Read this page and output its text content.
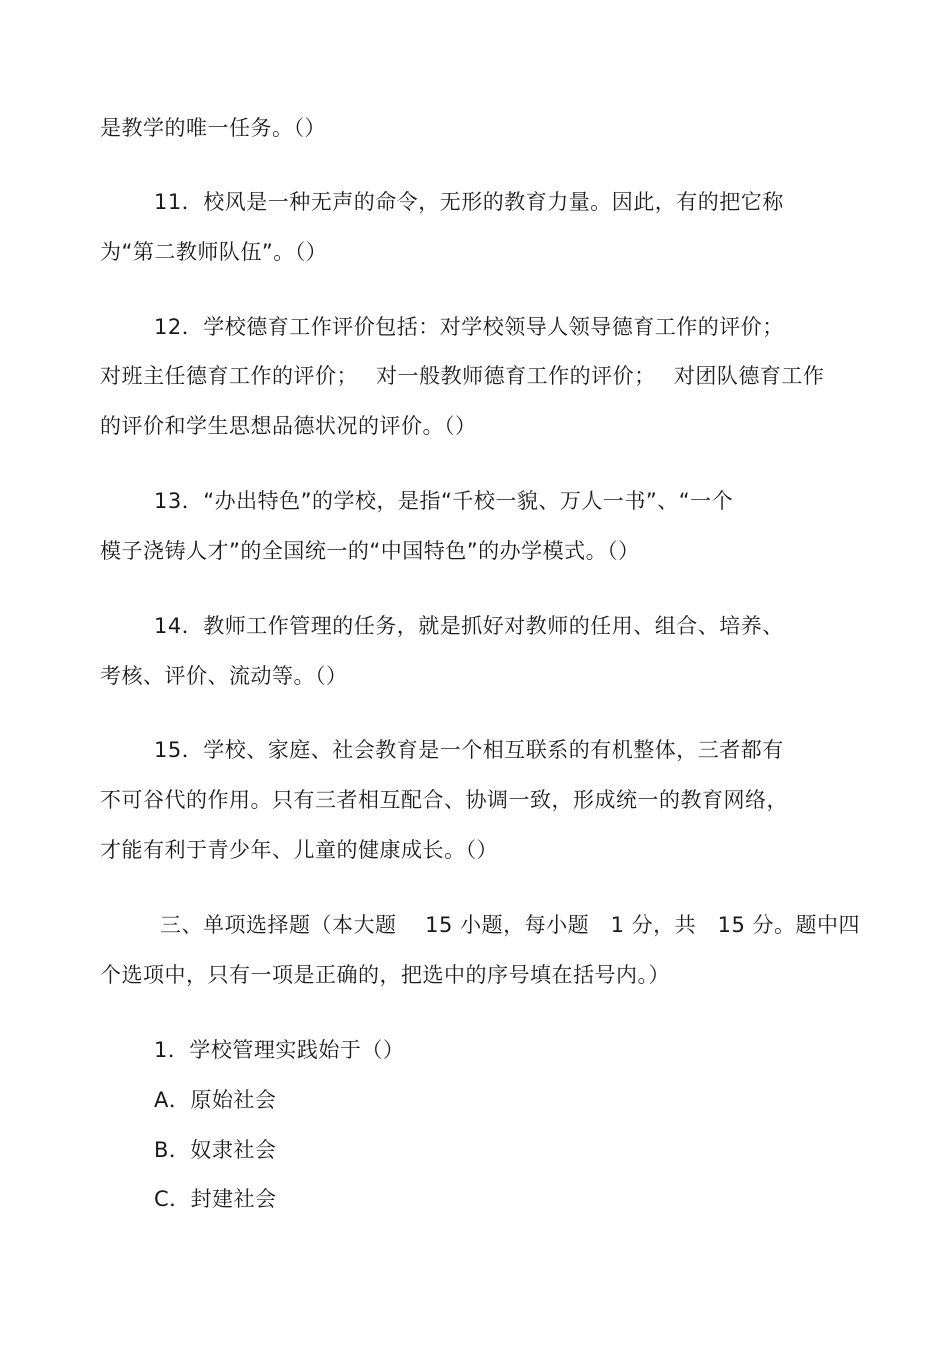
是教学的唯一任务。（）
11．校风是一种无声的命令，无形的教育力量。因此，有的把它称
为“第二教师队伍”。（）
12．学校德育工作评价包括：对学校领导人领导德育工作的评价；
对班主任德育工作的评价；　 对一般教师德育工作的评价；　 对团队德育工作
的评价和学生思想品德状况的评价。（）
13．“办出特色”的学校，是指“千校一貌、万人一书”、“一个
模子浇铸人才”的全国统一的“中国特色”的办学模式。（）
14．教师工作管理的任务，就是抓好对教师的任用、组合、培养、
考核、评价、流动等。（）
15．学校、家庭、社会教育是一个相互联系的有机整体，三者都有
不可谷代的作用。只有三者相互配合、协调一致，形成统一的教育网络，
才能有利于青少年、儿童的健康成长。（）
三、单项选择题（本大题　 15 小题，每小题　1 分，共　15 分。题中四
个选项中，只有一项是正确的，把选中的序号填在括号内。）
1．学校管理实践始于（）
A．原始社会
B．奴隶社会
C．封建社会
